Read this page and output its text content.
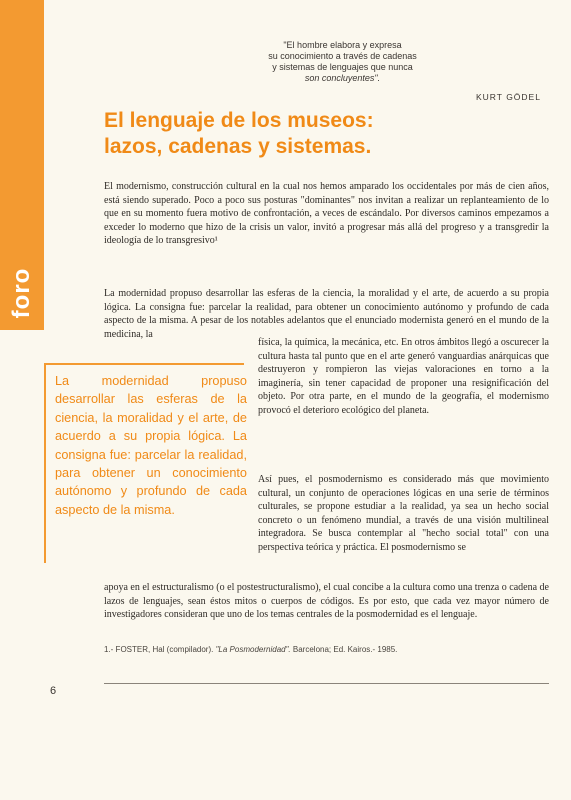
foro
"El hombre elabora y expresa
su conocimiento a través de cadenas
y sistemas de lenguajes que nunca
son concluyentes".
KURT GÖDEL
El lenguaje de los museos:
lazos, cadenas y sistemas.

El modernismo, construcción cultural en la cual nos hemos amparado los occidentales por más de cien años, está siendo superado. Poco a poco sus posturas "dominantes" nos invitan a realizar un replanteamiento de lo que en su momento fuera motivo de confrontación, a veces de escándalo. Por diversos caminos empezamos a exceder lo moderno que hizo de la crisis un valor, invitó a progresar más allá del progreso y a transgredir la ideología de lo transgresivo¹

La modernidad propuso desarrollar las esferas de la ciencia, la moralidad y el arte, de acuerdo a su propia lógica. La consigna fue: parcelar la realidad, para obtener un conocimiento autónomo y profundo de cada aspecto de la misma. A pesar de los notables adelantos que el enunciado modernista generó en el mundo de la medicina, la

La modernidad propuso desarrollar las esferas de la ciencia, la moralidad y el arte, de acuerdo a su propia lógica. La consigna fue: parcelar la realidad, para obtener un conocimiento autónomo y profundo de cada aspecto de la misma.

física, la química, la mecánica, etc. En otros ámbitos llegó a oscurecer la cultura hasta tal punto que en el arte generó vanguardias anárquicas que destruyeron y rompieron las viejas valoraciones en torno a la imaginería, sin tener capacidad de proponer una resignificación del objeto. Por otra parte, en el mundo de la geografía, el modernismo provocó el deterioro ecológico del planeta.

Así pues, el posmodernismo es considerado más que movimiento cultural, un conjunto de operaciones lógicas en una serie de términos culturales, se propone estudiar a la realidad, ya sea un hecho social concreto o un fenómeno mundial, a través de una visión multilineal integradora. Se busca contemplar al "hecho social total" con una perspectiva teórica y práctica. El posmodernismo se

apoya en el estructuralismo (o el postestructuralismo), el cual concibe a la cultura como una trenza o cadena de lazos de lenguajes, sean éstos mitos o cuerpos de códigos. Es por esto, que cada vez mayor número de investigadores consideran que uno de los temas centrales de la posmodernidad es el lenguaje.

1.- FOSTER, Hal (compilador). "La Posmodernidad". Barcelona; Ed. Kairos.- 1985.

6
